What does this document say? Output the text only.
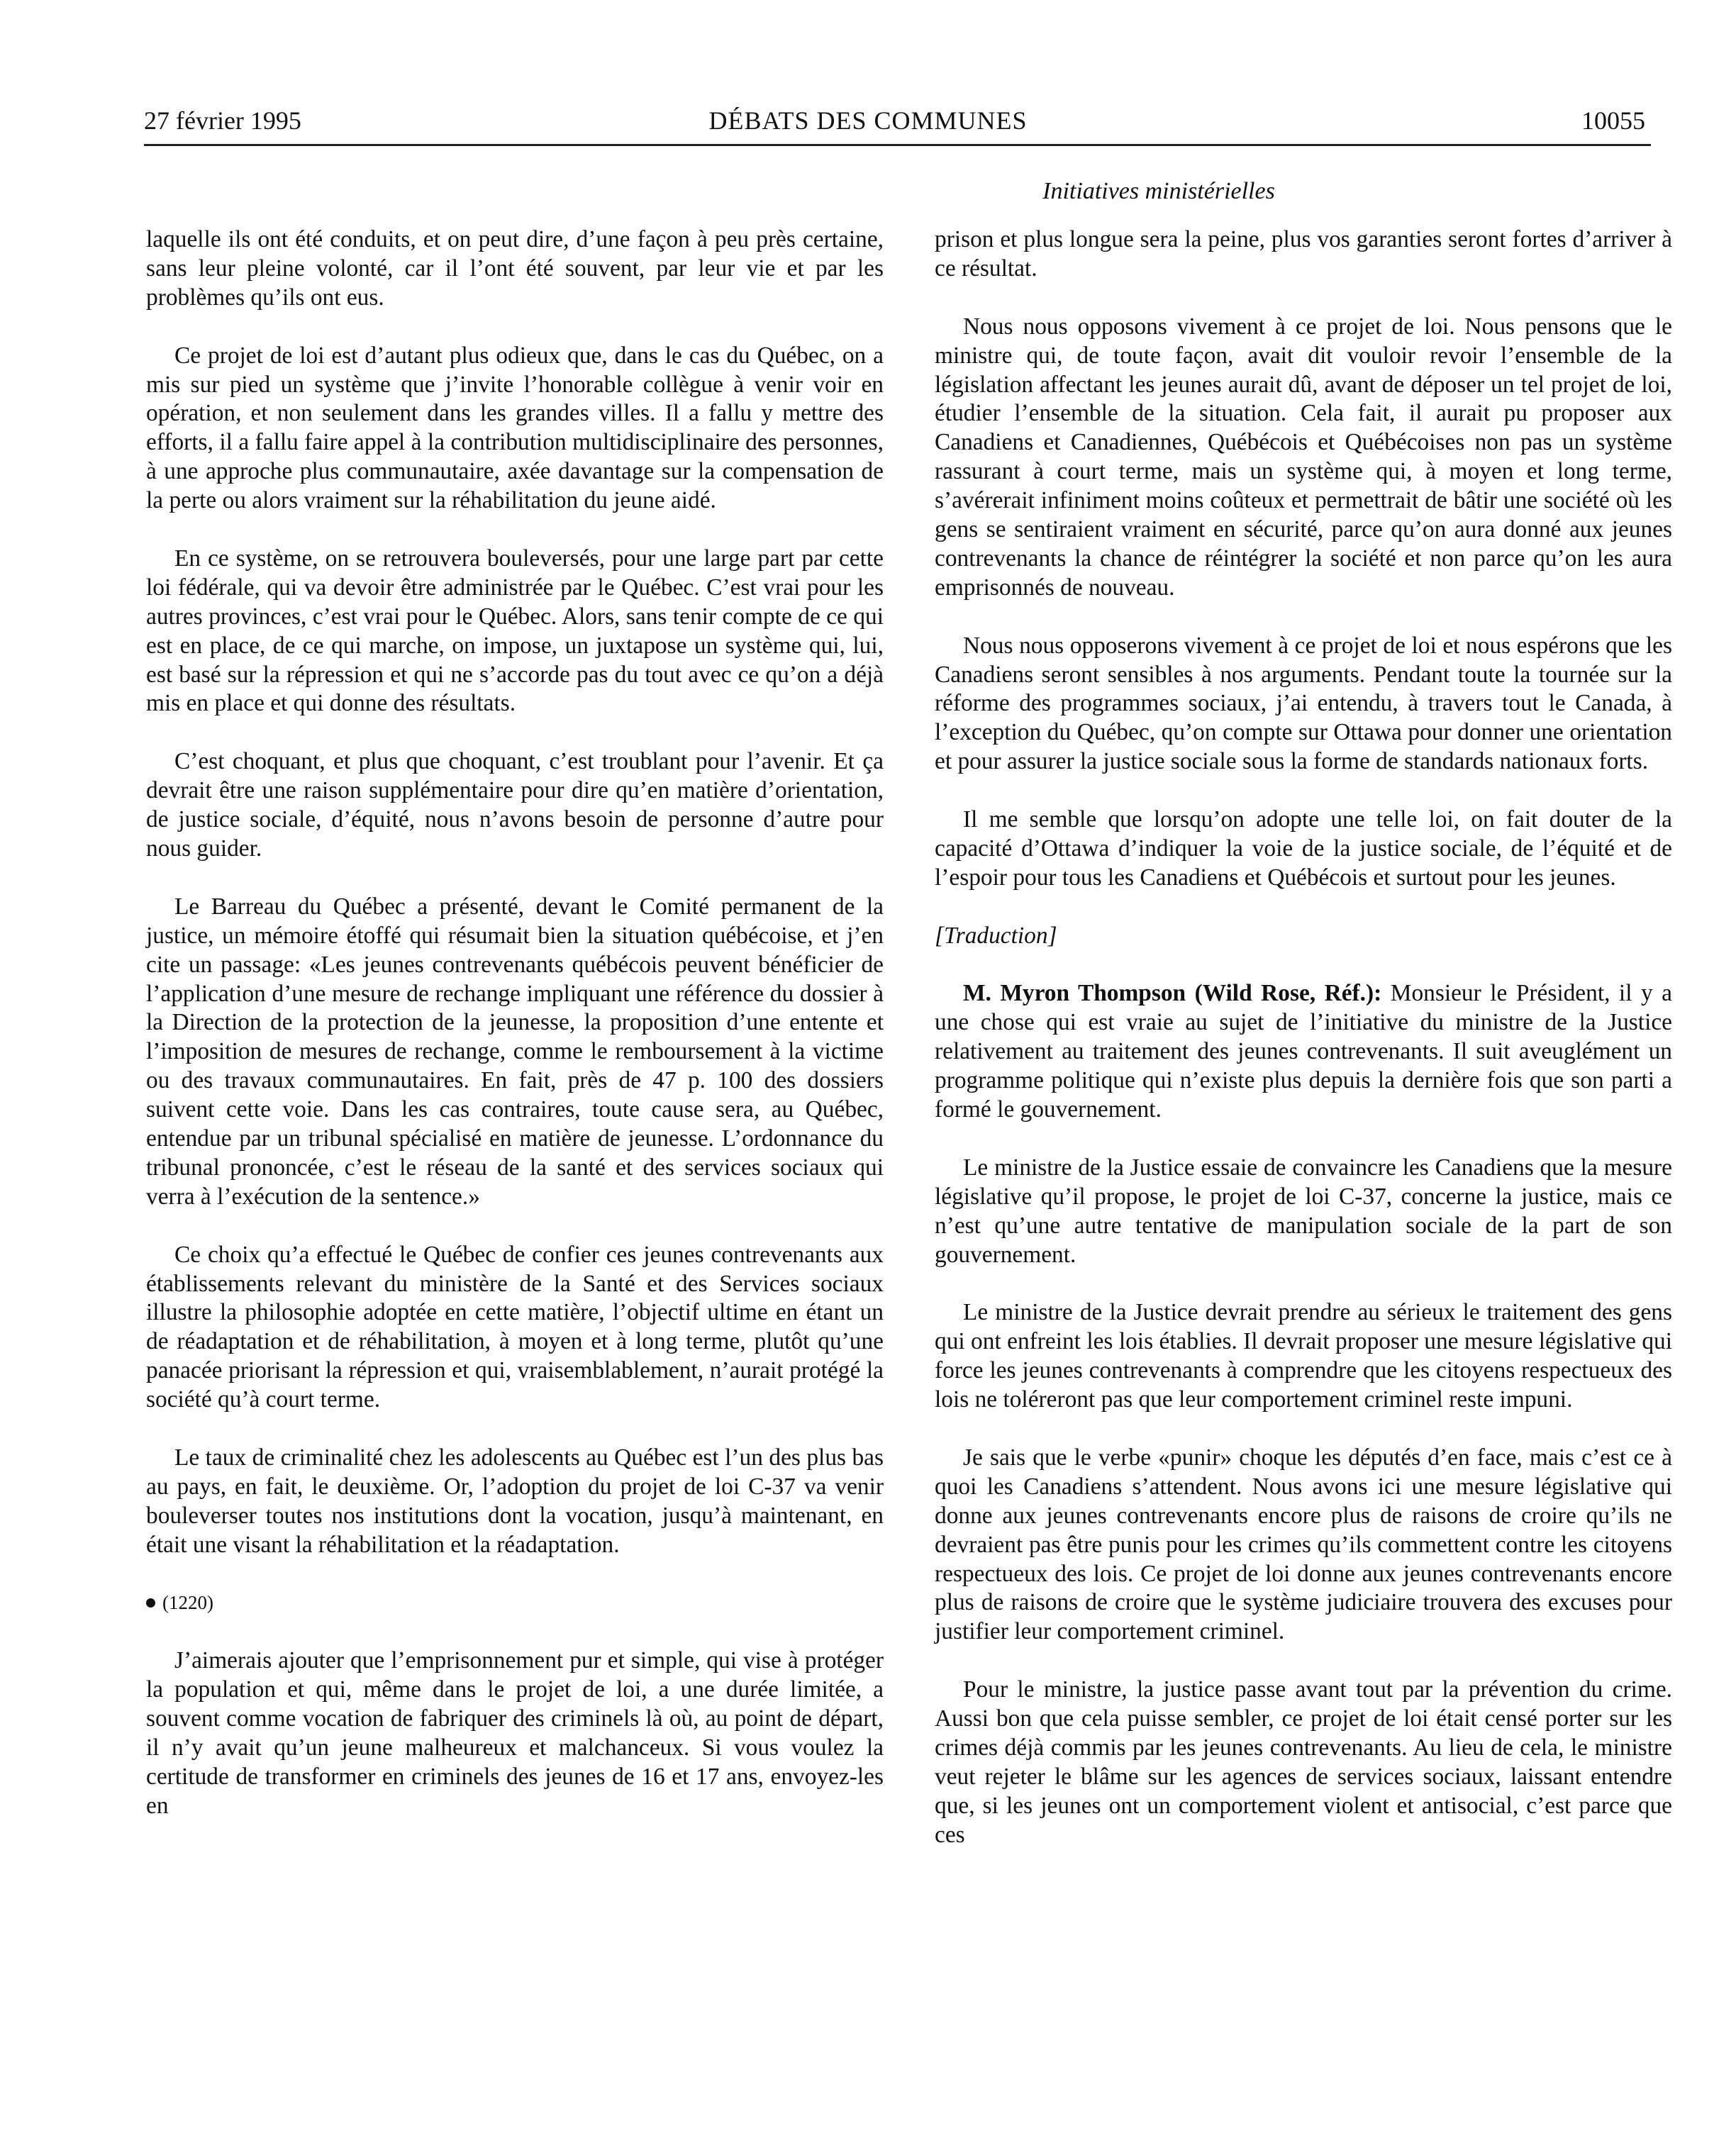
27 février 1995	DÉBATS DES COMMUNES	10055
Initiatives ministérielles

laquelle ils ont été conduits, et on peut dire, d’une façon à peu près certaine, sans leur pleine volonté, car il l’ont été souvent, par leur vie et par les problèmes qu’ils ont eus.

Ce projet de loi est d’autant plus odieux que, dans le cas du Québec, on a mis sur pied un système que j’invite l’honorable collègue à venir voir en opération, et non seulement dans les grandes villes. Il a fallu y mettre des efforts, il a fallu faire appel à la contribution multidisciplinaire des personnes, à une approche plus communautaire, axée davantage sur la compensation de la perte ou alors vraiment sur la réhabilitation du jeune aidé.

En ce système, on se retrouvera bouleversés, pour une large part par cette loi fédérale, qui va devoir être administrée par le Québec. C’est vrai pour les autres provinces, c’est vrai pour le Québec. Alors, sans tenir compte de ce qui est en place, de ce qui marche, on impose, un juxtapose un système qui, lui, est basé sur la répression et qui ne s’accorde pas du tout avec ce qu’on a déjà mis en place et qui donne des résultats.

C’est choquant, et plus que choquant, c’est troublant pour l’avenir. Et ça devrait être une raison supplémentaire pour dire qu’en matière d’orientation, de justice sociale, d’équité, nous n’avons besoin de personne d’autre pour nous guider.

Le Barreau du Québec a présenté, devant le Comité permanent de la justice, un mémoire étoffé qui résumait bien la situation québécoise, et j’en cite un passage: «Les jeunes contrevenants québécois peuvent bénéficier de l’application d’une mesure de rechange impliquant une référence du dossier à la Direction de la protection de la jeunesse, la proposition d’une entente et l’imposition de mesures de rechange, comme le remboursement à la victime ou des travaux communautaires. En fait, près de 47 p. 100 des dossiers suivent cette voie. Dans les cas contraires, toute cause sera, au Québec, entendue par un tribunal spécialisé en matière de jeunesse. L’ordonnance du tribunal prononcée, c’est le réseau de la santé et des services sociaux qui verra à l’exécution de la sentence.»

Ce choix qu’a effectué le Québec de confier ces jeunes contrevenants aux établissements relevant du ministère de la Santé et des Services sociaux illustre la philosophie adoptée en cette matière, l’objectif ultime en étant un de réadaptation et de réhabilitation, à moyen et à long terme, plutôt qu’une panacée priorisant la répression et qui, vraisemblablement, n’aurait protégé la société qu’à court terme.

Le taux de criminalité chez les adolescents au Québec est l’un des plus bas au pays, en fait, le deuxième. Or, l’adoption du projet de loi C-37 va venir bouleverser toutes nos institutions dont la vocation, jusqu’à maintenant, en était une visant la réhabilitation et la réadaptation.

(1220)

J’aimerais ajouter que l’emprisonnement pur et simple, qui vise à protéger la population et qui, même dans le projet de loi, a une durée limitée, a souvent comme vocation de fabriquer des criminels là où, au point de départ, il n’y avait qu’un jeune malheureux et malchanceux. Si vous voulez la certitude de transformer en criminels des jeunes de 16 et 17 ans, envoyez-les en

prison et plus longue sera la peine, plus vos garanties seront fortes d’arriver à ce résultat.

Nous nous opposons vivement à ce projet de loi. Nous pensons que le ministre qui, de toute façon, avait dit vouloir revoir l’ensemble de la législation affectant les jeunes aurait dû, avant de déposer un tel projet de loi, étudier l’ensemble de la situation. Cela fait, il aurait pu proposer aux Canadiens et Canadiennes, Québécois et Québécoises non pas un système rassurant à court terme, mais un système qui, à moyen et long terme, s’avérerait infiniment moins coûteux et permettrait de bâtir une société où les gens se sentiraient vraiment en sécurité, parce qu’on aura donné aux jeunes contrevenants la chance de réintégrer la société et non parce qu’on les aura emprisonnés de nouveau.

Nous nous opposerons vivement à ce projet de loi et nous espérons que les Canadiens seront sensibles à nos arguments. Pendant toute la tournée sur la réforme des programmes sociaux, j’ai entendu, à travers tout le Canada, à l’exception du Québec, qu’on compte sur Ottawa pour donner une orientation et pour assurer la justice sociale sous la forme de standards nationaux forts.

Il me semble que lorsqu’on adopte une telle loi, on fait douter de la capacité d’Ottawa d’indiquer la voie de la justice sociale, de l’équité et de l’espoir pour tous les Canadiens et Québécois et surtout pour les jeunes.

[Traduction]

M. Myron Thompson (Wild Rose, Réf.): Monsieur le Président, il y a une chose qui est vraie au sujet de l’initiative du ministre de la Justice relativement au traitement des jeunes contrevenants. Il suit aveuglément un programme politique qui n’existe plus depuis la dernière fois que son parti a formé le gouvernement.

Le ministre de la Justice essaie de convaincre les Canadiens que la mesure législative qu’il propose, le projet de loi C-37, concerne la justice, mais ce n’est qu’une autre tentative de manipulation sociale de la part de son gouvernement.

Le ministre de la Justice devrait prendre au sérieux le traitement des gens qui ont enfreint les lois établies. Il devrait proposer une mesure législative qui force les jeunes contrevenants à comprendre que les citoyens respectueux des lois ne toléreront pas que leur comportement criminel reste impuni.

Je sais que le verbe «punir» choque les députés d’en face, mais c’est ce à quoi les Canadiens s’attendent. Nous avons ici une mesure législative qui donne aux jeunes contrevenants encore plus de raisons de croire qu’ils ne devraient pas être punis pour les crimes qu’ils commettent contre les citoyens respectueux des lois. Ce projet de loi donne aux jeunes contrevenants encore plus de raisons de croire que le système judiciaire trouvera des excuses pour justifier leur comportement criminel.

Pour le ministre, la justice passe avant tout par la prévention du crime. Aussi bon que cela puisse sembler, ce projet de loi était censé porter sur les crimes déjà commis par les jeunes contrevenants. Au lieu de cela, le ministre veut rejeter le blâme sur les agences de services sociaux, laissant entendre que, si les jeunes ont un comportement violent et antisocial, c’est parce que ces
